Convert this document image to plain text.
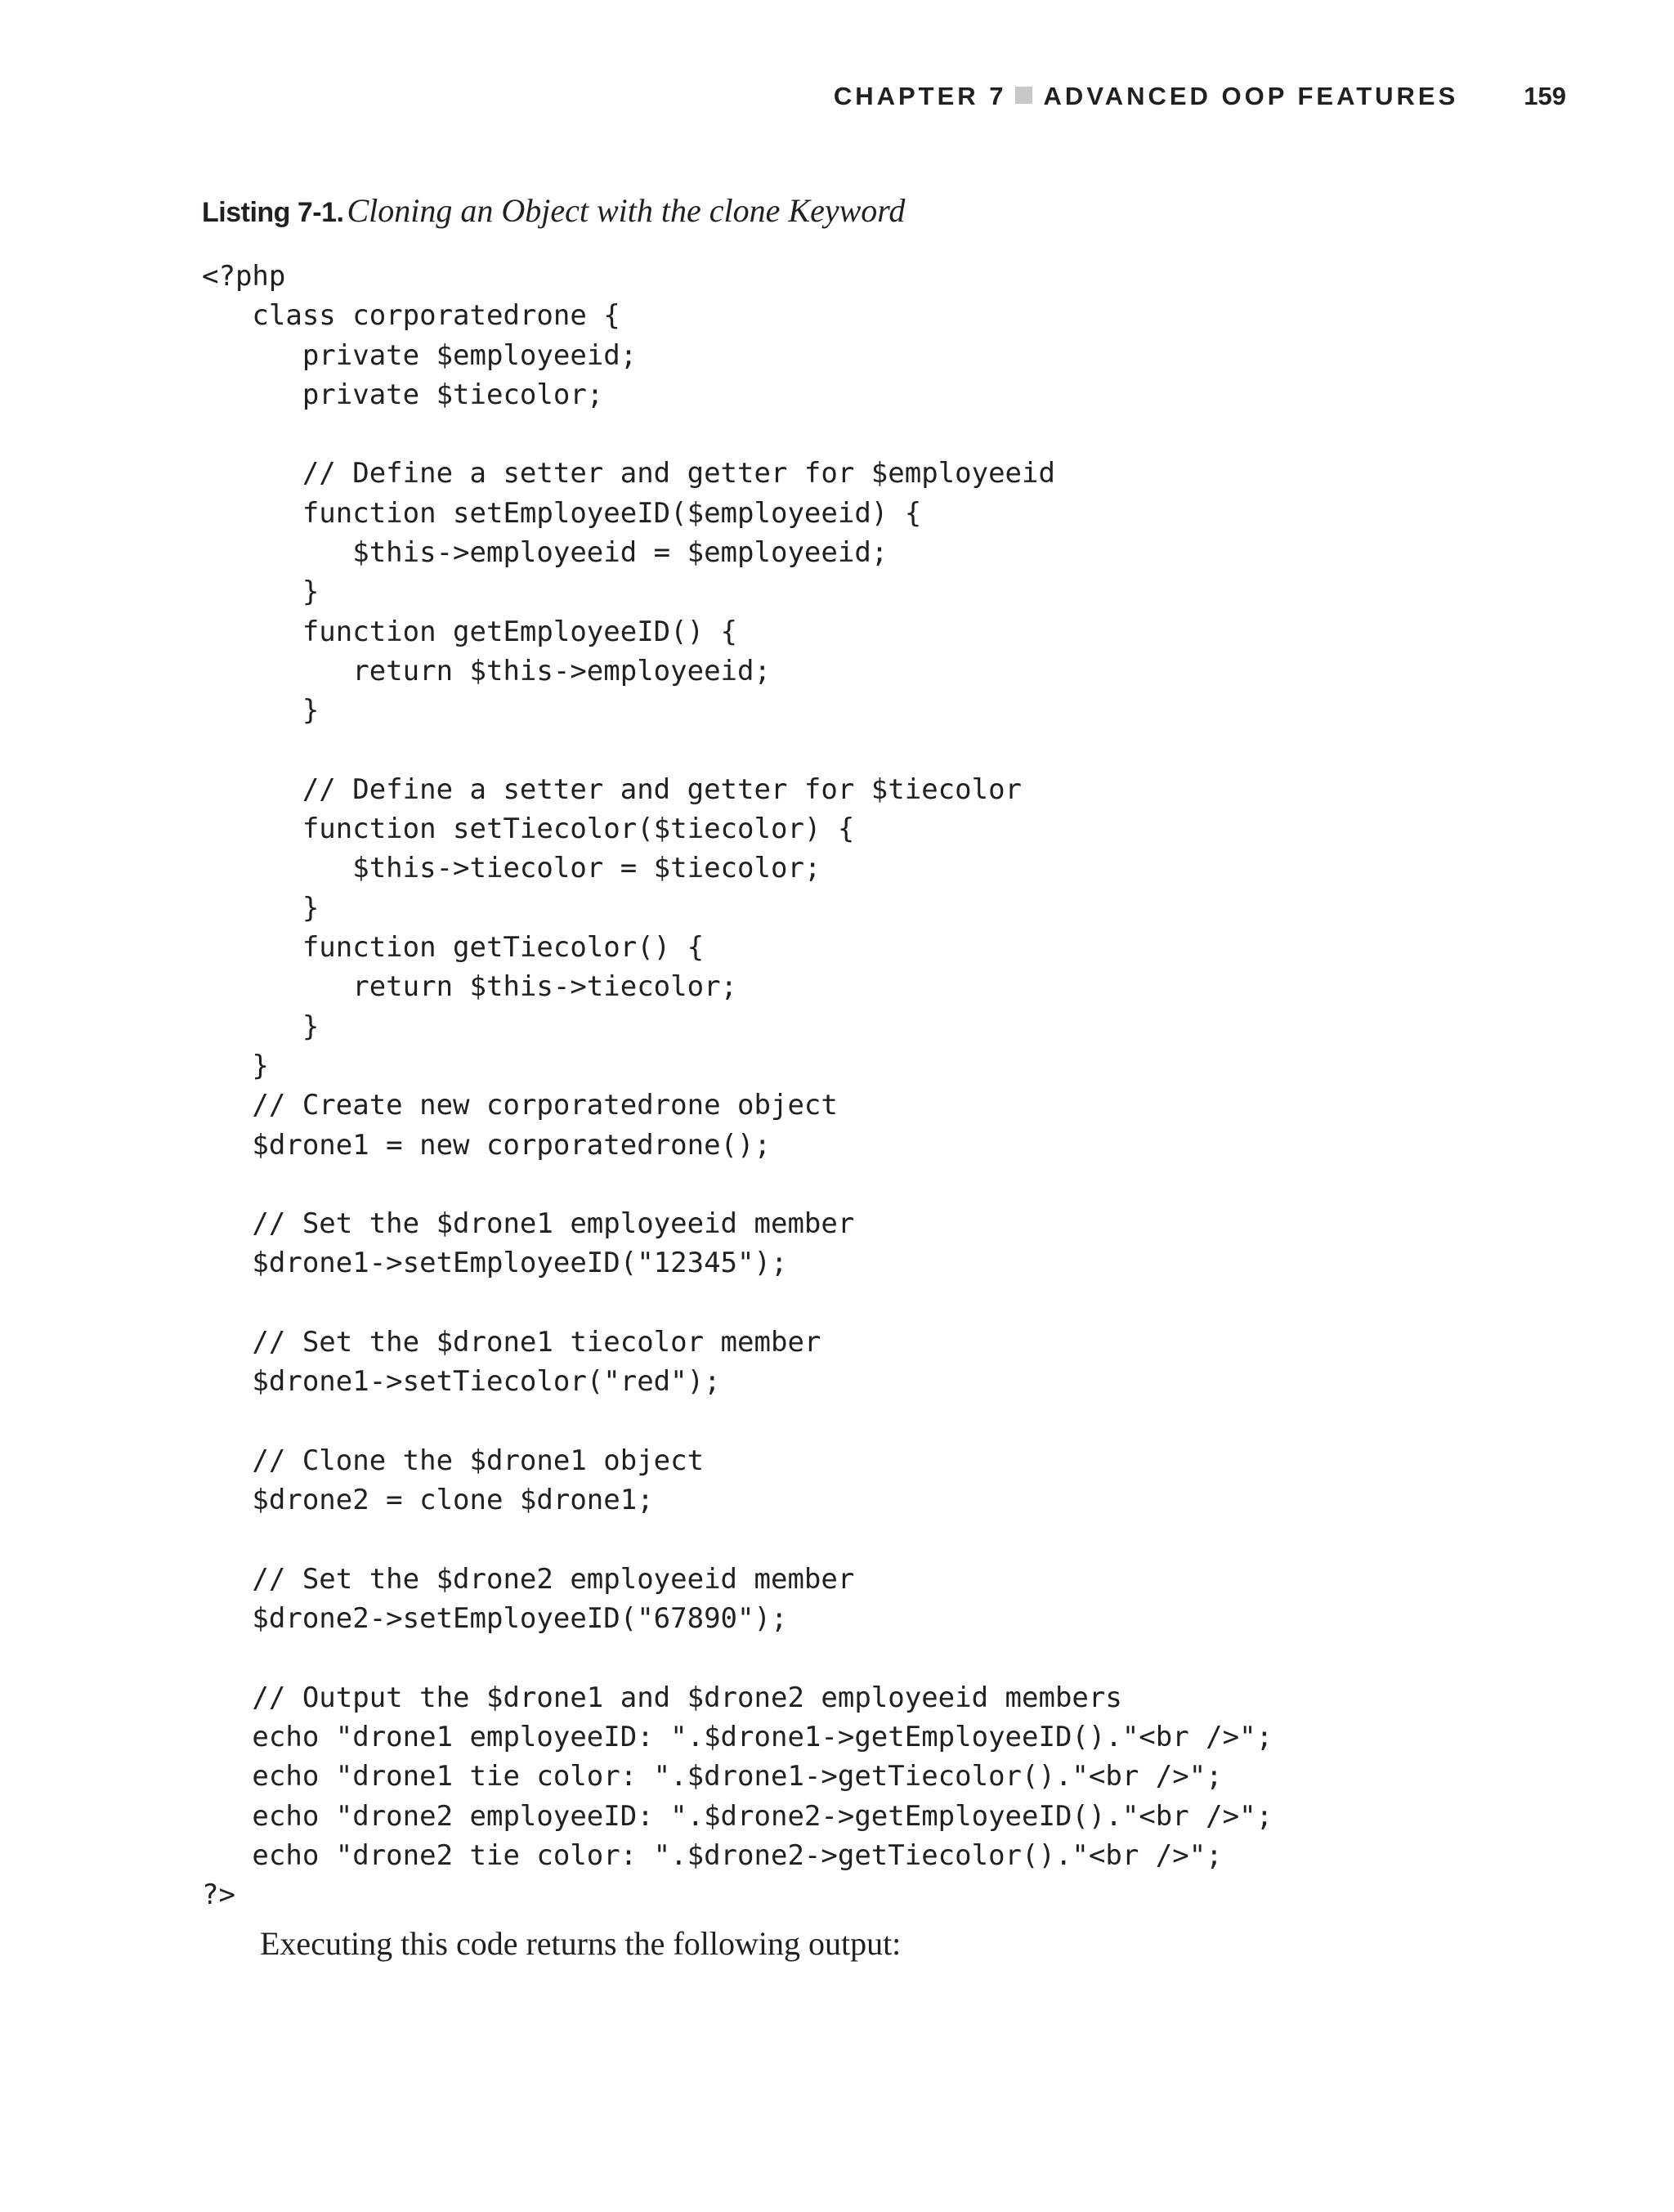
CHAPTER 7 ADVANCED OOP FEATURES	159
Listing 7-1. Cloning an Object with the clone Keyword
<?php
class corporatedrone {
private $employeeid;
private $tiecolor;
// Define a setter and getter for $employeeid
function setEmployeeID($employeeid) {
$this->employeeid = $employeeid;
}
function getEmployeeID() {
return $this->employeeid;
}
// Define a setter and getter for $tiecolor
function setTiecolor($tiecolor) {
$this->tiecolor = $tiecolor;
}
function getTiecolor() {
return $this->tiecolor;
}
}
// Create new corporatedrone object
$drone1 = new corporatedrone();
// Set the $drone1 employeeid member
$drone1->setEmployeeID("12345");
// Set the $drone1 tiecolor member
$drone1->setTiecolor("red");
// Clone the $drone1 object
$drone2 = clone $drone1;
// Set the $drone2 employeeid member
$drone2->setEmployeeID("67890");
// Output the $drone1 and $drone2 employeeid members
echo "drone1 employeeID: ".$drone1->getEmployeeID()."<br />";
echo "drone1 tie color: ".$drone1->getTiecolor()."<br />";
echo "drone2 employeeID: ".$drone2->getEmployeeID()."<br />";
echo "drone2 tie color: ".$drone2->getTiecolor()."<br />";
?>
Executing this code returns the following output:
